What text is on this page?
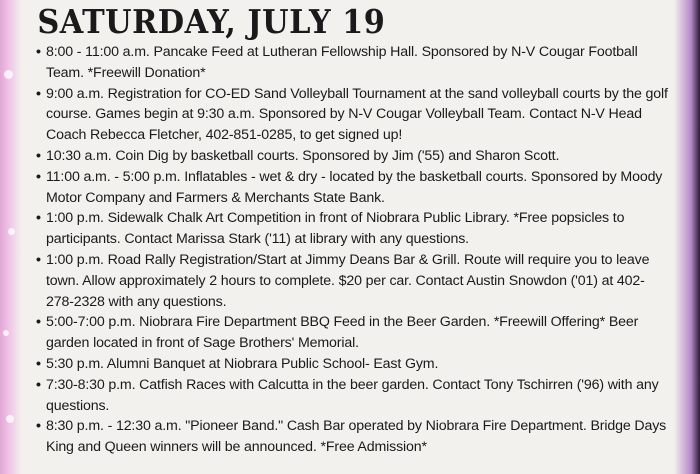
SATURDAY, JULY 19
• 8:00 - 11:00 a.m. Pancake Feed at Lutheran Fellowship Hall. Sponsored by N-V Cougar Football Team. *Freewill Donation*
• 9:00 a.m. Registration for CO-ED Sand Volleyball Tournament at the sand volleyball courts by the golf course. Games begin at 9:30 a.m. Sponsored by N-V Cougar Volleyball Team. Contact N-V Head Coach Rebecca Fletcher, 402-851-0285, to get signed up!
• 10:30 a.m. Coin Dig by basketball courts. Sponsored by Jim ('55) and Sharon Scott.
• 11:00 a.m. - 5:00 p.m. Inflatables - wet & dry - located by the basketball courts. Sponsored by Moody Motor Company and Farmers & Merchants State Bank.
• 1:00 p.m. Sidewalk Chalk Art Competition in front of Niobrara Public Library. *Free popsicles to participants. Contact Marissa Stark ('11) at library with any questions.
• 1:00 p.m. Road Rally Registration/Start at Jimmy Deans Bar & Grill. Route will require you to leave town. Allow approximately 2 hours to complete. $20 per car. Contact Austin Snowdon ('01) at 402-278-2328 with any questions.
• 5:00-7:00 p.m. Niobrara Fire Department BBQ Feed in the Beer Garden. *Freewill Offering* Beer garden located in front of Sage Brothers' Memorial.
• 5:30 p.m. Alumni Banquet at Niobrara Public School- East Gym.
• 7:30-8:30 p.m. Catfish Races with Calcutta in the beer garden. Contact Tony Tschirren ('96) with any questions.
• 8:30 p.m. - 12:30 a.m. "Pioneer Band." Cash Bar operated by Niobrara Fire Department. Bridge Days King and Queen winners will be announced. *Free Admission*
